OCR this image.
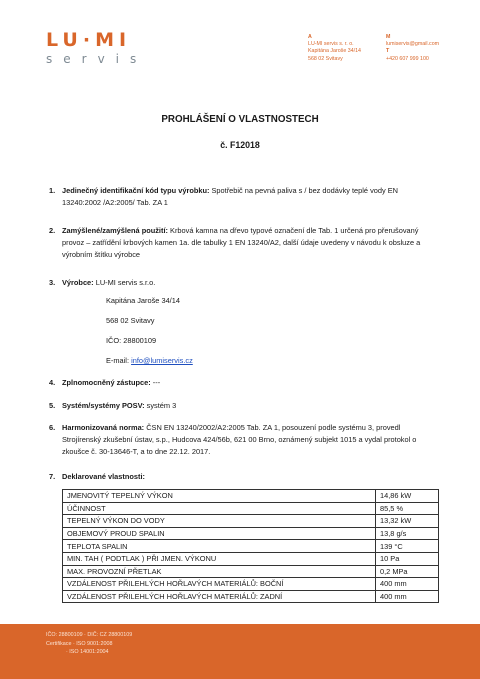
LU·MI
servis
A
LU-MI servis s. r. o.
Kapitána Jaroše 34/14
568 02 Svitavy
M
lumiservis@gmail.com
T
+420 607 999 100
PROHLÁŠENÍ O VLASTNOSTECH
č. F12018
1. Jedinečný identifikační kód typu výrobku: Spotřebič na pevná paliva s / bez dodávky teplé vody EN 13240:2002 /A2:2005/ Tab. ZA 1
2. Zamýšlené/zamýšlená použití: Krbová kamna na dřevo typové označení dle Tab. 1 určená pro přerušovaný provoz – zatřídění krbových kamen 1a. dle tabulky 1 EN 13240/A2, další údaje uvedeny v návodu k obsluze a výrobním štítku výrobce
3. Výrobce: LU-MI servis s.r.o.
Kapitána Jaroše 34/14
568 02 Svitavy
IČO: 28800109
E-mail: info@lumiservis.cz
4. Zplnomocněný zástupce: ---
5. Systém/systémy POSV: systém 3
6. Harmonizovaná norma: ČSN EN 13240/2002/A2:2005 Tab. ZA 1, posouzení podle systému 3, provedl Strojírenský zkušební ústav, s.p., Hudcova 424/56b, 621 00 Brno, oznámený subjekt 1015 a vydal protokol o zkoušce č. 30-13646-T, a to dne 22.12. 2017.
7. Deklarované vlastnosti:
JMENOVITÝ TEPELNÝ VÝKON	14,86 kW
ÚČINNOST	85,5 %
TEPELNÝ VÝKON DO VODY	13,32 kW
OBJEMOVÝ PROUD SPALIN	13,8 g/s
TEPLOTA SPALIN	139 °C
MIN. TAH ( PODTLAK ) PŘI JMEN. VÝKONU	10 Pa
MAX. PROVOZNÍ PŘETLAK	0,2 MPa
VZDÁLENOST PŘILEHLÝCH HOŘLAVÝCH MATERIÁLŮ: BOČNÍ	400 mm
VZDÁLENOST PŘILEHLÝCH HOŘLAVÝCH MATERIÁLŮ: ZADNÍ	400 mm
IČO: 28800109 · DIČ: CZ 28800109
Certifikace · ISO 9001:2008
· ISO 14001:2004
